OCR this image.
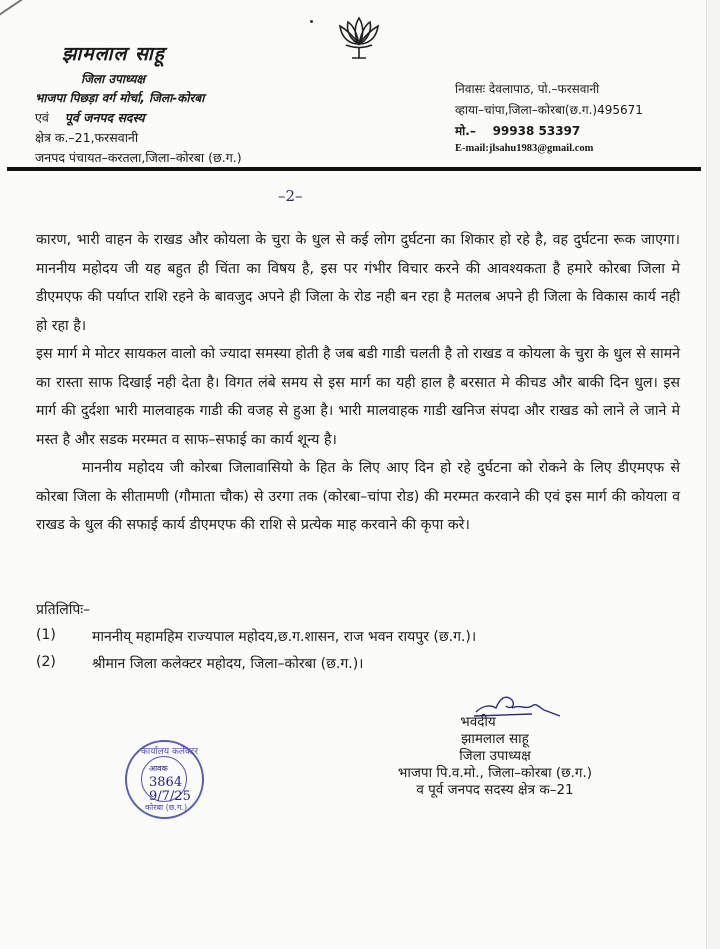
झामलाल साहू
जिला उपाध्यक्ष
भाजपा पिछड़ा वर्ग मोर्चा, जिला-कोरबा
एवं पूर्व जनपद सदस्य
क्षेत्र क.–21,फरसवानी
जनपद पंचायत–करतला,जिला–कोरबा (छ.ग.)
निवासः देवलापाठ, पो.–फरसवानी
व्हाया–चांपा,जिला–कोरबा(छ.ग.)495671
मो.– 99938 53397
E-mail:jlsahu1983@gmail.com
–2–

कारण, भारी वाहन के राखड और कोयला के चुरा के धुल से कई लोग दुर्घटना का शिकार हो रहे है, वह दुर्घटना रूक जाएगा। माननीय महोदय जी यह बहुत ही चिंता का विषय है, इस पर गंभीर विचार करने की आवश्यकता है हमारे कोरबा जिला मे डीएमएफ की पर्याप्त राशि रहने के बावजुद अपने ही जिला के रोड नही बन रहा है मतलब अपने ही जिला के विकास कार्य नही हो रहा है।

इस मार्ग मे मोटर सायकल वालो को ज्यादा समस्या होती है जब बडी गाडी चलती है तो राखड व कोयला के चुरा के धुल से सामने का रास्ता साफ दिखाई नही देता है। विगत लंबे समय से इस मार्ग का यही हाल है बरसात मे कीचड और बाकी दिन धुल। इस मार्ग की दुर्दशा भारी मालवाहक गाडी की वजह से हुआ है। भारी मालवाहक गाडी खनिज संपदा और राखड को लाने ले जाने मे मस्त है और सडक मरम्मत व साफ–सफाई का कार्य शून्य है।

माननीय महोदय जी कोरबा जिलावासियो के हित के लिए आए दिन हो रहे दुर्घटना को रोकने के लिए डीएमएफ से कोरबा जिला के सीतामणी (गौमाता चौक) से उरगा तक (कोरबा–चांपा रोड) की मरम्मत करवाने की एवं इस मार्ग की कोयला व राखड के धुल की सफाई कार्य डीएमएफ की राशि से प्रत्येक माह करवाने की कृपा करे।

प्रतिलिपिः–
(1)	माननीय् महामहिम राज्यपाल महोदय,छ.ग.शासन, राज भवन रायपुर (छ.ग.)।
(2)	श्रीमान जिला कलेक्टर महोदय, जिला–कोरबा (छ.ग.)।
भवदीय
झामलाल साहू
जिला उपाध्यक्ष
भाजपा पि.व.मो., जिला–कोरबा (छ.ग.)
व पूर्व जनपद सदस्य क्षेत्र क–21
कार्यालय कलेक्टर
आवक
3864
9/7/25
कोरबा (छ.ग.)
